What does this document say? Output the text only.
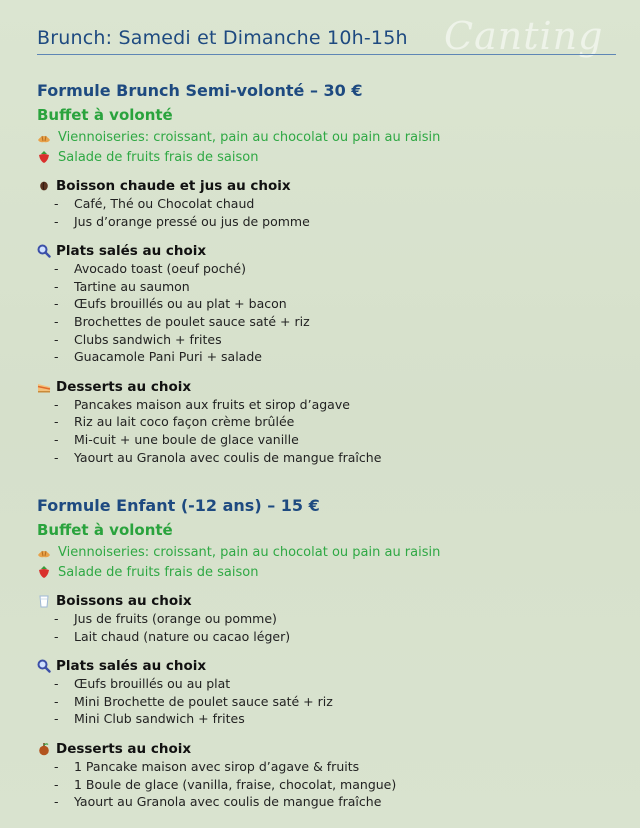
Brunch: Samedi et Dimanche 10h-15h Canting
Formule Brunch Semi-volonté – 30 €
Buffet à volonté
Viennoiseries: croissant, pain au chocolat ou pain au raisin
Salade de fruits frais de saison
Boisson chaude et jus au choix
-	Café, Thé ou Chocolat chaud
-	Jus d’orange pressé ou jus de pomme
Plats salés au choix
-	Avocado toast (oeuf poché)
-	Tartine au saumon
-	Œufs brouillés ou au plat + bacon
-	Brochettes de poulet sauce saté + riz
-	Clubs sandwich + frites
-	Guacamole Pani Puri + salade
Desserts au choix
-	Pancakes maison aux fruits et sirop d’agave
-	Riz au lait coco façon crème brûlée
-	Mi-cuit + une boule de glace vanille
-	Yaourt au Granola avec coulis de mangue fraîche
Formule Enfant (-12 ans) – 15 €
Buffet à volonté
Viennoiseries: croissant, pain au chocolat ou pain au raisin
Salade de fruits frais de saison
Boissons au choix
-	Jus de fruits (orange ou pomme)
-	Lait chaud (nature ou cacao léger)
Plats salés au choix
-	Œufs brouillés ou au plat
-	Mini Brochette de poulet sauce saté + riz
-	Mini Club sandwich + frites
Desserts au choix
-	1 Pancake maison avec sirop d’agave & fruits
-	1 Boule de glace (vanilla, fraise, chocolat, mangue)
-	Yaourt au Granola avec coulis de mangue fraîche
